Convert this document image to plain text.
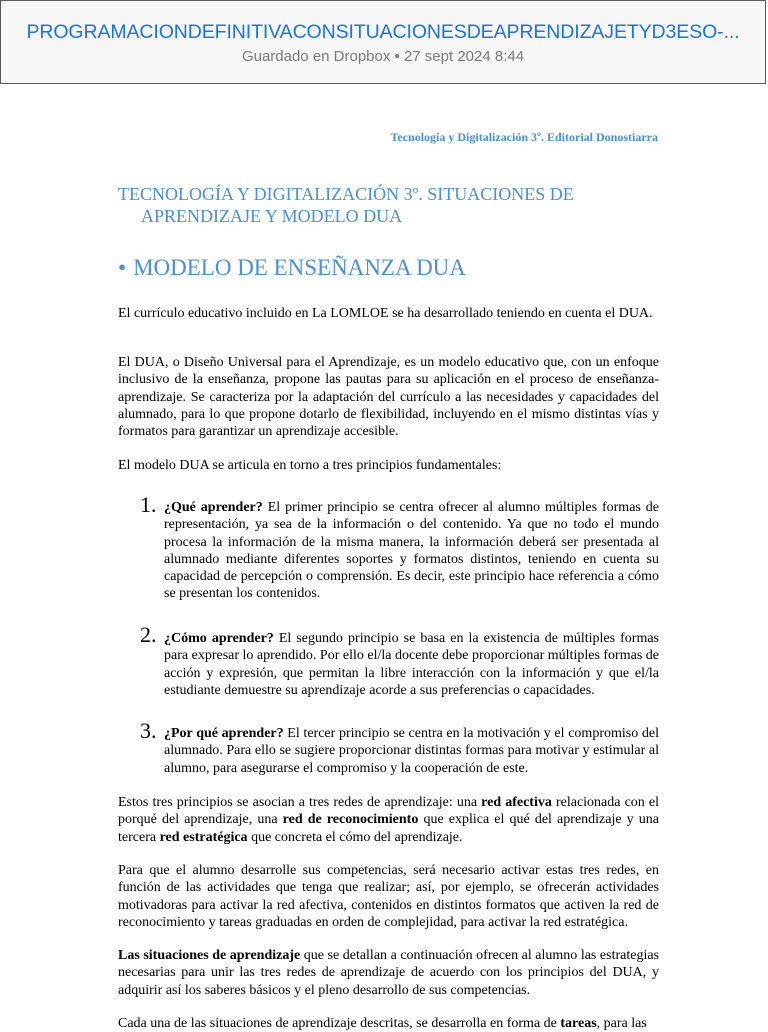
PROGRAMACIONDEFINITIVACONSITUACIONESDEAPRENDIZAJETYD3ESO-...
Guardado en Dropbox • 27 sept 2024 8:44
Tecnología y Digitalización 3º. Editorial Donostiarra
TECNOLOGÍA Y DIGITALIZACIÓN 3º. SITUACIONES DE
APRENDIZAJE Y MODELO DUA
• MODELO DE ENSEÑANZA DUA
El currículo educativo incluido en La LOMLOE se ha desarrollado teniendo en cuenta el DUA.
El DUA, o Diseño Universal para el Aprendizaje, es un modelo educativo que, con un enfoque inclusivo de la enseñanza, propone las pautas para su aplicación en el proceso de enseñanza-aprendizaje. Se caracteriza por la adaptación del currículo a las necesidades y capacidades del alumnado, para lo que propone dotarlo de flexibilidad, incluyendo en el mismo distintas vías y formatos para garantizar un aprendizaje accesible.
El modelo DUA se articula en torno a tres principios fundamentales:
1. ¿Qué aprender? El primer principio se centra ofrecer al alumno múltiples formas de representación, ya sea de la información o del contenido. Ya que no todo el mundo procesa la información de la misma manera, la información deberá ser presentada al alumnado mediante diferentes soportes y formatos distintos, teniendo en cuenta su capacidad de percepción o comprensión. Es decir, este principio hace referencia a cómo se presentan los contenidos.
2. ¿Cómo aprender? El segundo principio se basa en la existencia de múltiples formas para expresar lo aprendido. Por ello el/la docente debe proporcionar múltiples formas de acción y expresión, que permitan la libre interacción con la información y que el/la estudiante demuestre su aprendizaje acorde a sus preferencias o capacidades.
3. ¿Por qué aprender? El tercer principio se centra en la motivación y el compromiso del alumnado. Para ello se sugiere proporcionar distintas formas para motivar y estimular al alumno, para asegurarse el compromiso y la cooperación de este.
Estos tres principios se asocian a tres redes de aprendizaje: una red afectiva relacionada con el porqué del aprendizaje, una red de reconocimiento que explica el qué del aprendizaje y una tercera red estratégica que concreta el cómo del aprendizaje.
Para que el alumno desarrolle sus competencias, será necesario activar estas tres redes, en función de las actividades que tenga que realizar; así, por ejemplo, se ofrecerán actividades motivadoras para activar la red afectiva, contenidos en distintos formatos que activen la red de reconocimiento y tareas graduadas en orden de complejidad, para activar la red estratégica.
Las situaciones de aprendizaje que se detallan a continuación ofrecen al alumno las estrategias necesarias para unir las tres redes de aprendizaje de acuerdo con los principios del DUA, y adquirir así los saberes básicos y el pleno desarrollo de sus competencias.
Cada una de las situaciones de aprendizaje descritas, se desarrolla en forma de tareas, para las
